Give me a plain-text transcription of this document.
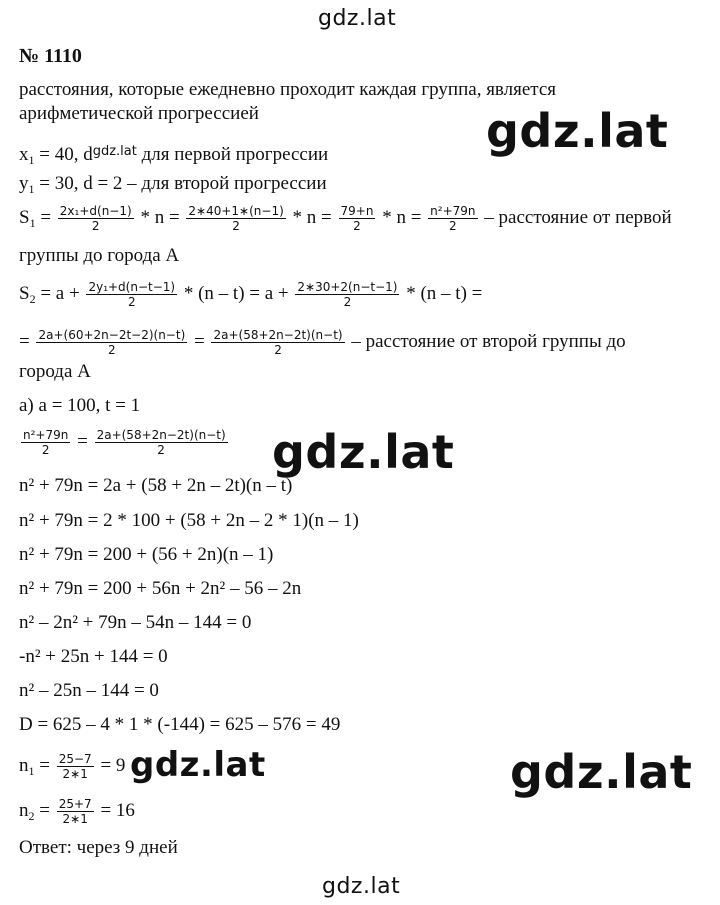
gdz.lat
№ 1110
расстояния, которые ежедневно проходит каждая группа, является
арифметической прогрессией	gdz.lat
$x_1 = 40$, $d^{gdz.lat}$ для первой прогрессии
$y_1 = 30$, d = 2 – для второй прогрессии
$S_1 = \frac{\text{2x₁+d(n−1)}}{2} * n = \frac{2∗40+1∗(n-1)}{2} * n = \frac{79+n}{2} * n = \frac{\text{n²+79n}}{2}$ – расстояние от первой
группы до города А
$S_2 = a + \frac{\text{2y₁+d(n−t−1)}}{2} * (n - t) = a + \frac{2∗30+2(n-t-1)}{2} * (n - t)$ =
= $\frac{2a+(60+2n-2t-2)(n-t)}{2} = \frac{2a+(58+2n-2t)(n-t)}{2}$ – расстояние от второй группы до
города А
а) a = 100, t = 1
$\frac{\text{n²+79n}}{2} = \frac{2a+(58+2n-2t)(n-t)}{2} gdz.lat$
n² + 79n = 2a + (58 + 2n – 2t)(n – t)
n² + 79n = 2 * 100 + (58 + 2n – 2 * 1)(n – 1)
n² + 79n = 200 + (56 + 2n)(n – 1)
n² + 79n = 200 + 56n + 2n² – 56 – 2n
n² – 2n² + 79n – 54n – 144 = 0
-n² + 25n + 144 = 0
n² – 25n – 144 = 0
D = 625 – 4 * 1 * (-144) = 625 – 576 = 49
$n_1 = \frac{25-7}{2∗1} = 9$ gdz.lat	gdz.lat
$n_2 = \frac{25+7}{2∗1} = 16$
Ответ: через 9 дней
gdz.lat
